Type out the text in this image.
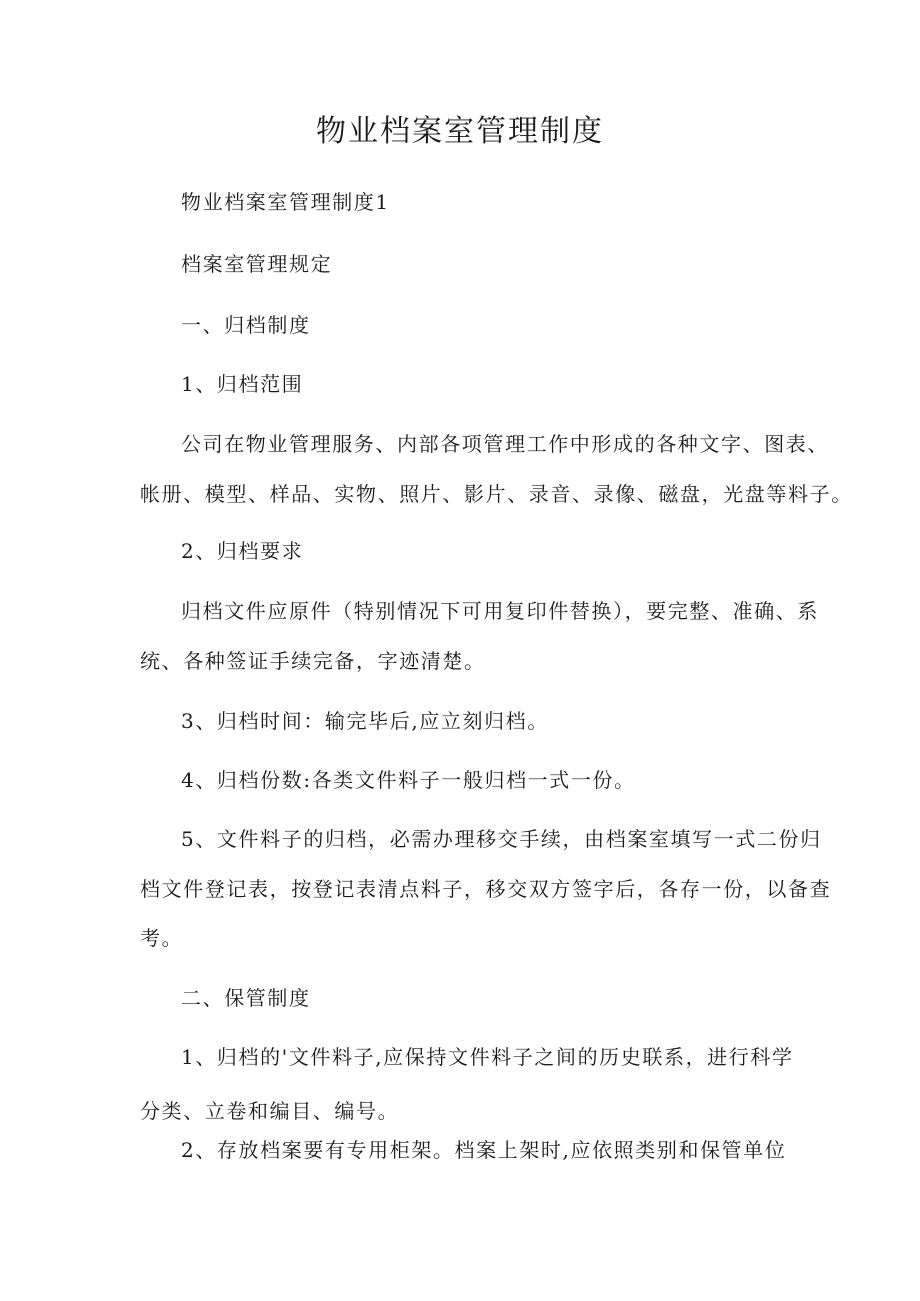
物业档案室管理制度

物业档案室管理制度1

档案室管理规定

一、归档制度

1、归档范围

公司在物业管理服务、内部各项管理工作中形成的各种文字、图表、

帐册、模型、样品、实物、照片、影片、录音、录像、磁盘，光盘等料子。

2、归档要求

归档文件应原件（特别情况下可用复印件替换），要完整、准确、系

统、各种签证手续完备，字迹清楚。

3、归档时间：输完毕后,应立刻归档。

4、归档份数:各类文件料子一般归档一式一份。

5、文件料子的归档，必需办理移交手续，由档案室填写一式二份归

档文件登记表，按登记表清点料子，移交双方签字后，各存一份，以备查

考。

二、保管制度

1、归档的'文件料子,应保持文件料子之间的历史联系，进行科学

分类、立卷和编目、编号。

2、存放档案要有专用柜架。档案上架时,应依照类别和保管单位
